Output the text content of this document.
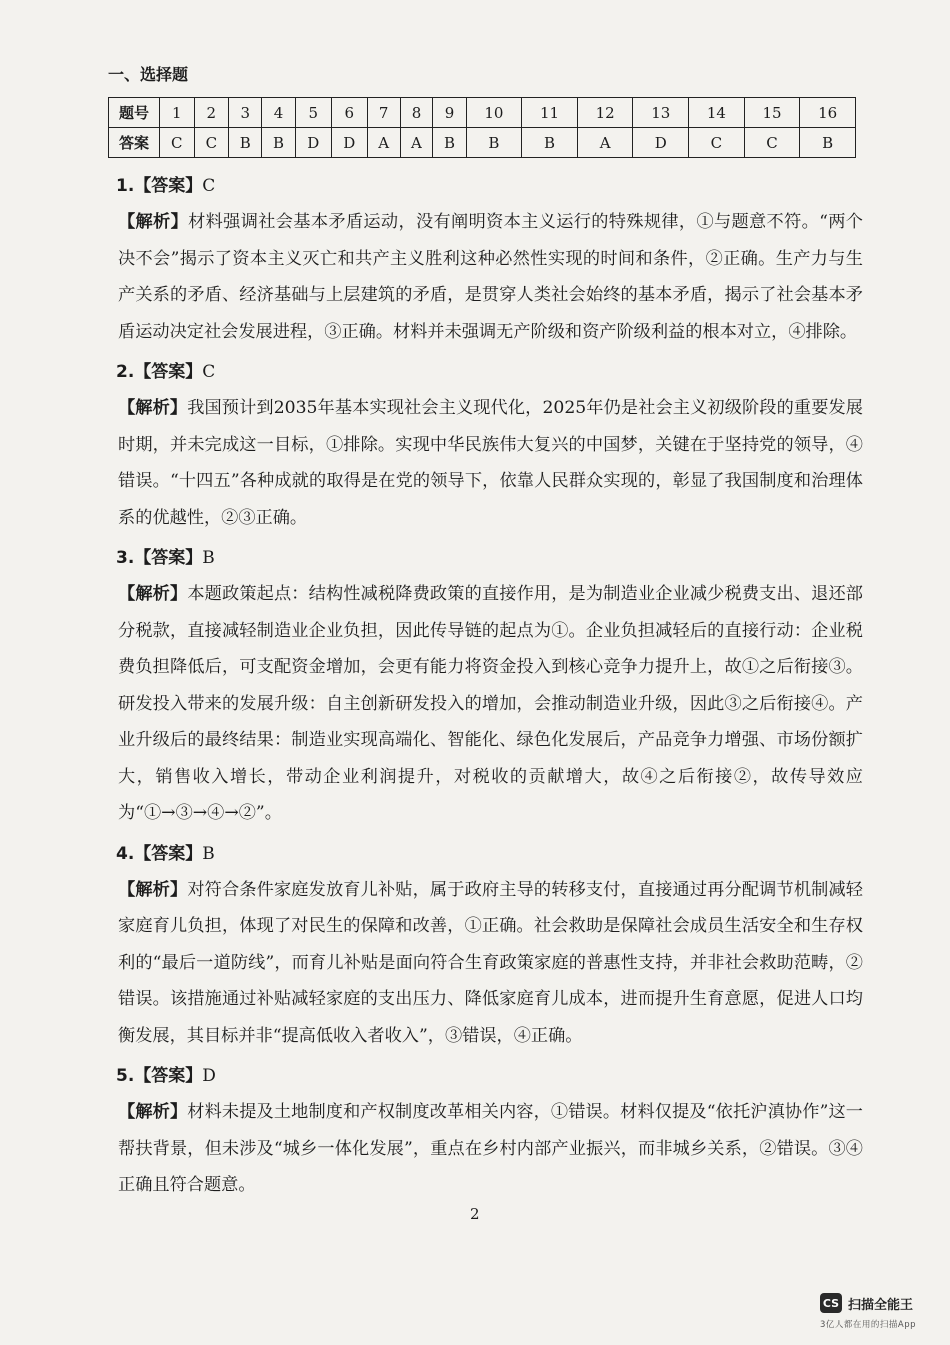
一、选择题
题号	1	2	3	4	5	6	7	8	9	10	11	12	13	14	15	16
答案	C	C	B	B	D	D	A	A	B	B	B	A	D	C	C	B
1.【答案】C

【解析】材料强调社会基本矛盾运动，没有阐明资本主义运行的特殊规律，①与题意不符。“两个决不会”揭示了资本主义灭亡和共产主义胜利这种必然性实现的时间和条件，②正确。生产力与生产关系的矛盾、经济基础与上层建筑的矛盾，是贯穿人类社会始终的基本矛盾，揭示了社会基本矛盾运动决定社会发展进程，③正确。材料并未强调无产阶级和资产阶级利益的根本对立，④排除。

2.【答案】C

【解析】我国预计到2035年基本实现社会主义现代化，2025年仍是社会主义初级阶段的重要发展时期，并未完成这一目标，①排除。实现中华民族伟大复兴的中国梦，关键在于坚持党的领导，④错误。“十四五”各种成就的取得是在党的领导下，依靠人民群众实现的，彰显了我国制度和治理体系的优越性，②③正确。

3.【答案】B

【解析】本题政策起点：结构性减税降费政策的直接作用，是为制造业企业减少税费支出、退还部分税款，直接减轻制造业企业负担，因此传导链的起点为①。企业负担减轻后的直接行动：企业税费负担降低后，可支配资金增加，会更有能力将资金投入到核心竞争力提升上，故①之后衔接③。研发投入带来的发展升级：自主创新研发投入的增加，会推动制造业升级，因此③之后衔接④。产业升级后的最终结果：制造业实现高端化、智能化、绿色化发展后，产品竞争力增强、市场份额扩大，销售收入增长，带动企业利润提升，对税收的贡献增大，故④之后衔接②，故传导效应为“①→③→④→②”。

4.【答案】B

【解析】对符合条件家庭发放育儿补贴，属于政府主导的转移支付，直接通过再分配调节机制减轻家庭育儿负担，体现了对民生的保障和改善，①正确。社会救助是保障社会成员生活安全和生存权利的“最后一道防线”，而育儿补贴是面向符合生育政策家庭的普惠性支持，并非社会救助范畴，②错误。该措施通过补贴减轻家庭的支出压力、降低家庭育儿成本，进而提升生育意愿，促进人口均衡发展，其目标并非“提高低收入者收入”，③错误，④正确。

5.【答案】D

【解析】材料未提及土地制度和产权制度改革相关内容，①错误。材料仅提及“依托沪滇协作”这一帮扶背景，但未涉及“城乡一体化发展”，重点在乡村内部产业振兴，而非城乡关系，②错误。③④正确且符合题意。

2
CS 扫描全能王
3亿人都在用的扫描App
